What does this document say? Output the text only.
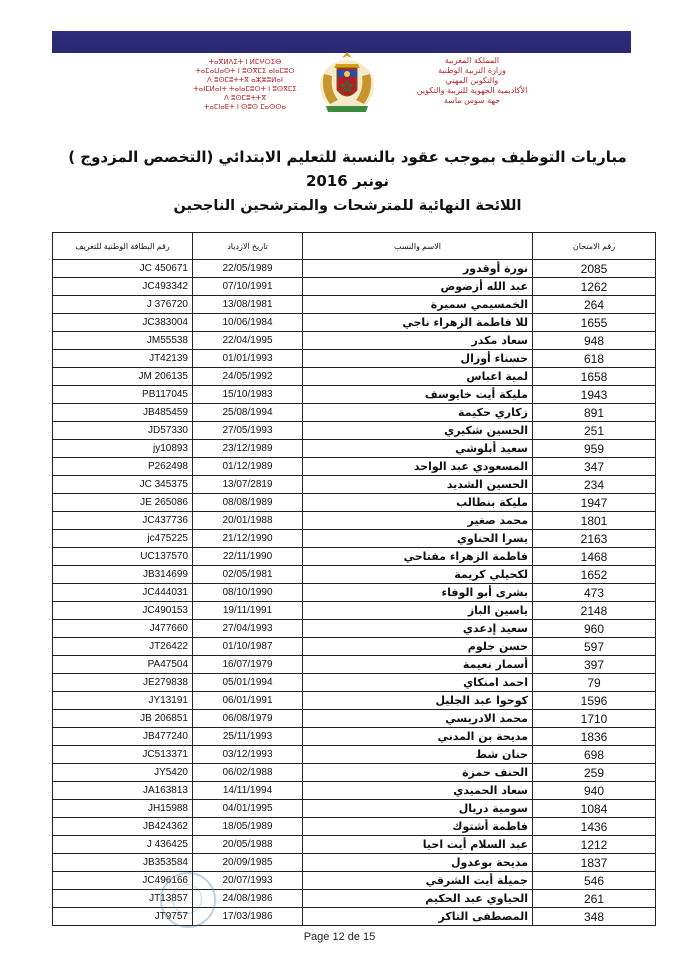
ⵜⴰⴳⵍⴷⵉⵜ ⵏ ⵍⵎⵖⵔⵉⴱ
ⵜⴰⵎⴰⵡⴰⵙⵜ ⵏ ⵓⵙⴳⵎⵉ ⴰⵏⴰⵎⵓⵔ
ⴷ ⵓⵙⵎⵓⵜⵜⴳ ⴰⵣⵣⵓⵍⴰⵏ
ⵜⴰⵏⵎⵍⴰⵏⵜ ⵜⴰⵏⴰⵎⵓⵔⵜ ⵏ ⵓⵙⴳⵎⵉ
ⴷ ⵓⵙⵎⵓⵜⵜⴳ
ⵜⴰⵎⵏⴰⴹⵜ ⵏ ⵙⵓⵙ ⵎⴰⵙⵙⴰ
المملكة المغربية
وزارة التربية الوطنية
والتكوين المهني
الأكاديمية الجهوية للتربية والتكوين
جهة سوس ماسة
مباريات التوظيف بموجب عقود بالنسبة للتعليم الابتدائي (التخصص المزدوج )
نونبر 2016
اللائحة النهائية للمترشحات والمترشحين الناجحين
رقم البطاقة الوطنية للتعريف	تاريخ الازدياد	الاسم والنسب	رقم الامتحان
JC 450671	22/05/1989	نورة أوقدور	2085
JC493342	07/10/1991	عبد الله أزضوض	1262
J 376720	13/08/1981	الخمسيمي سميرة	264
JC383004	10/06/1984	للا فاطمة الزهراء ناجي	1655
JM55538	22/04/1995	سعاد مكدر	948
JT42139	01/01/1993	حسناء أوزال	618
JM 206135	24/05/1992	لمية اعباس	1658
PB117045	15/10/1983	مليكة أيت خايوسف	1943
JB485459	25/08/1994	زكاري حكيمة	891
JD57330	27/05/1993	الحسين شكيري	251
jy10893	23/12/1989	سعيد أبلوشي	959
P262498	01/12/1989	المسعودي عبد الواحد	347
JC 345375	13/07/2819	الحسين الشديد	234
JE 265086	08/08/1989	مليكة بنطالب	1947
JC437736	20/01/1988	محمد صغير	1801
jc475225	21/12/1990	يسرا الحناوي	2163
UC137570	22/11/1990	فاطمة الزهراء مفتاحي	1468
JB314699	02/05/1981	لكحيلي كريمة	1652
JC444031	08/10/1990	بشرى أبو الوفاء	473
JC490153	19/11/1991	ياسين الباز	2148
J477660	27/04/1993	سعيد إدعدي	960
JT26422	01/10/1987	حسن جلوم	597
PA47504	16/07/1979	أسمار نعيمة	397
JE279838	05/01/1994	احمد امنكاي	79
JY13191	06/01/1991	كوحوا عبد الجليل	1596
JB 206851	06/08/1979	محمد الادريسي	1710
JB477240	25/11/1993	مديحة بن المدني	1836
JC513371	03/12/1993	حنان شط	698
JY5420	06/02/1988	الحنف حمزة	259
JA163813	14/11/1994	سعاد الحميدي	940
JH15988	04/01/1995	سومية دريال	1084
JB424362	18/05/1989	فاطمة أشتوك	1436
J 436425	20/05/1988	عبد السلام أيت احيا	1212
JB353584	20/09/1985	مديحة بوعدول	1837
JC496166	20/07/1993	جميلة أيت الشرقي	546
JT13857	24/08/1986	الحياوي عبد الحكيم	261
JT9757	17/03/1986	المصطفى التاكر	348
Page 12 de 15
